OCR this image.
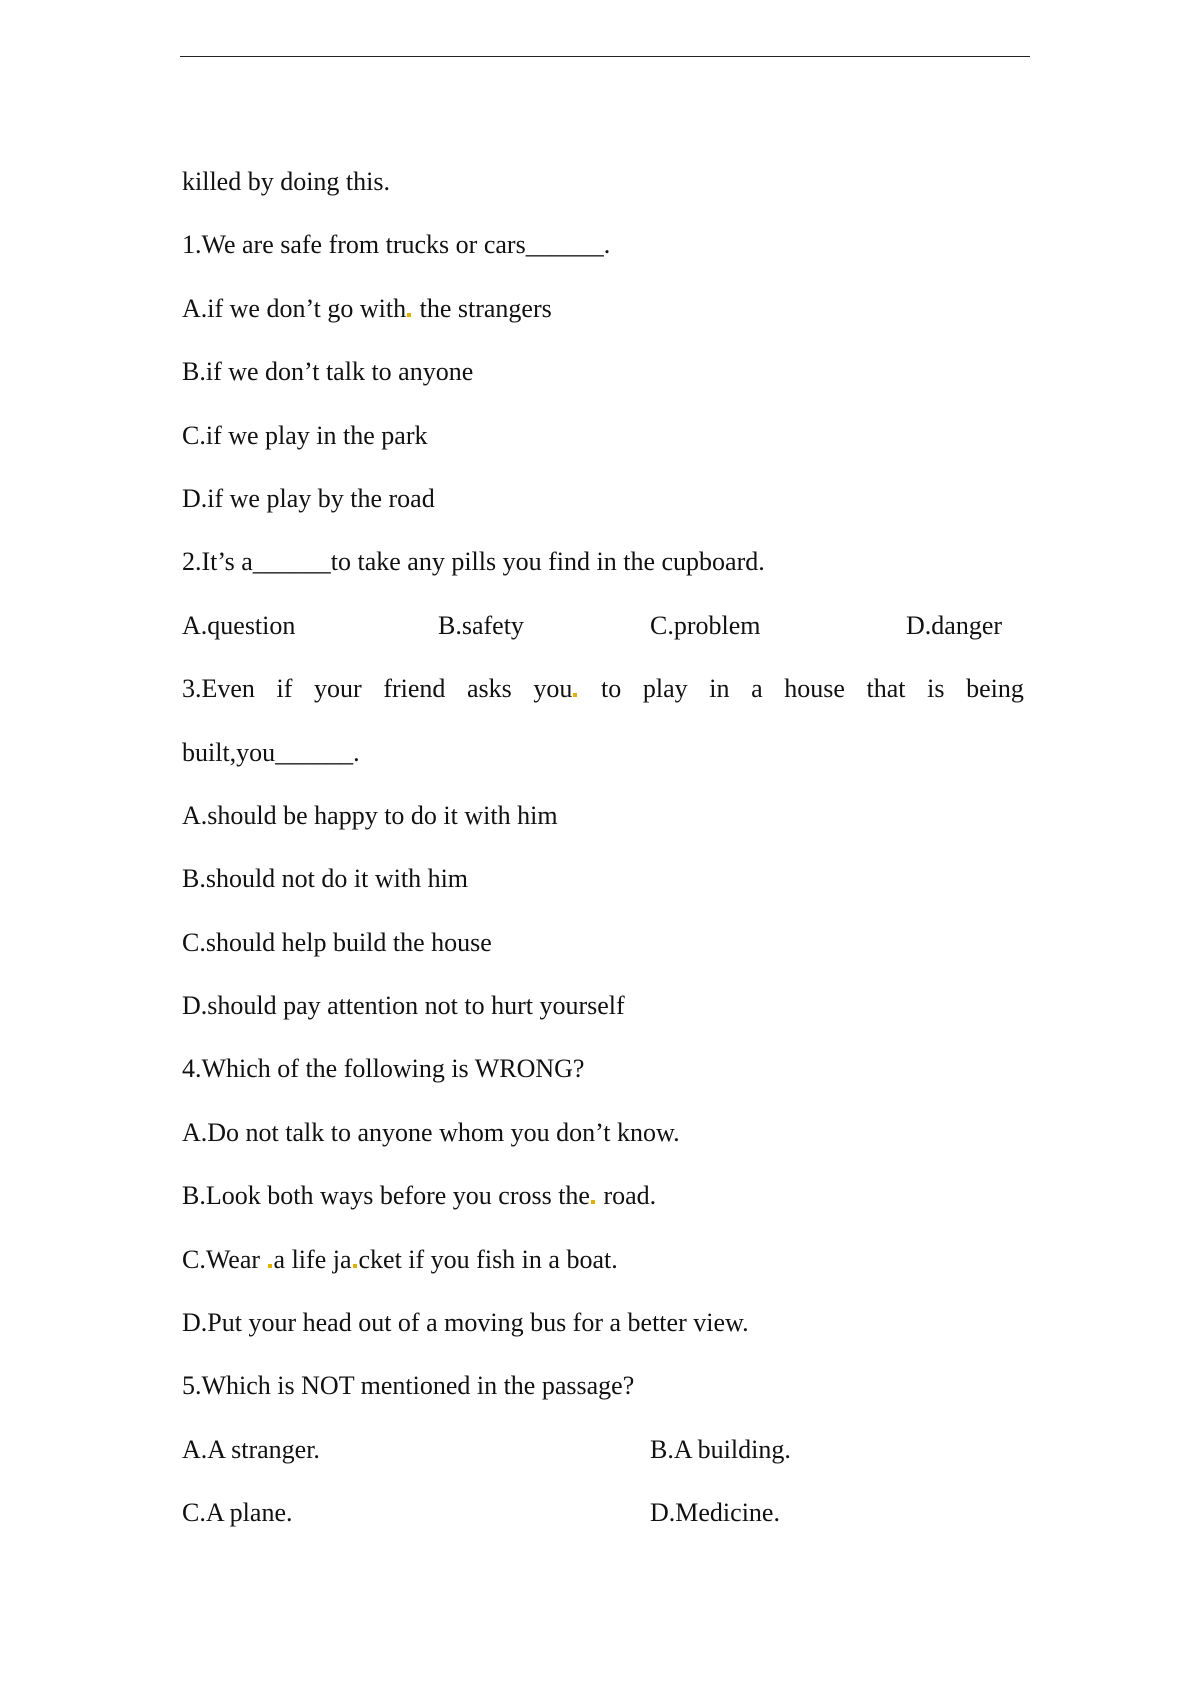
killed by doing this.
1.We are safe from trucks or cars______.
A.if we don’t go with the strangers
B.if we don’t talk to anyone
C.if we play in the park
D.if we play by the road
2.It’s a______to take any pills you find in the cupboard.
A.question	B.safety	C.problem	D.danger
3.Even if your friend asks you to play in a house that is being
built,you______.
A.should be happy to do it with him
B.should not do it with him
C.should help build the house
D.should pay attention not to hurt yourself
4.Which of the following is WRONG?
A.Do not talk to anyone whom you don’t know.
B.Look both ways before you cross the road.
C.Wear a life ja cket if you fish in a boat.
D.Put your head out of a moving bus for a better view.
5.Which is NOT mentioned in the passage?
A.A stranger.	B.A building.
C.A plane.	D.Medicine.
